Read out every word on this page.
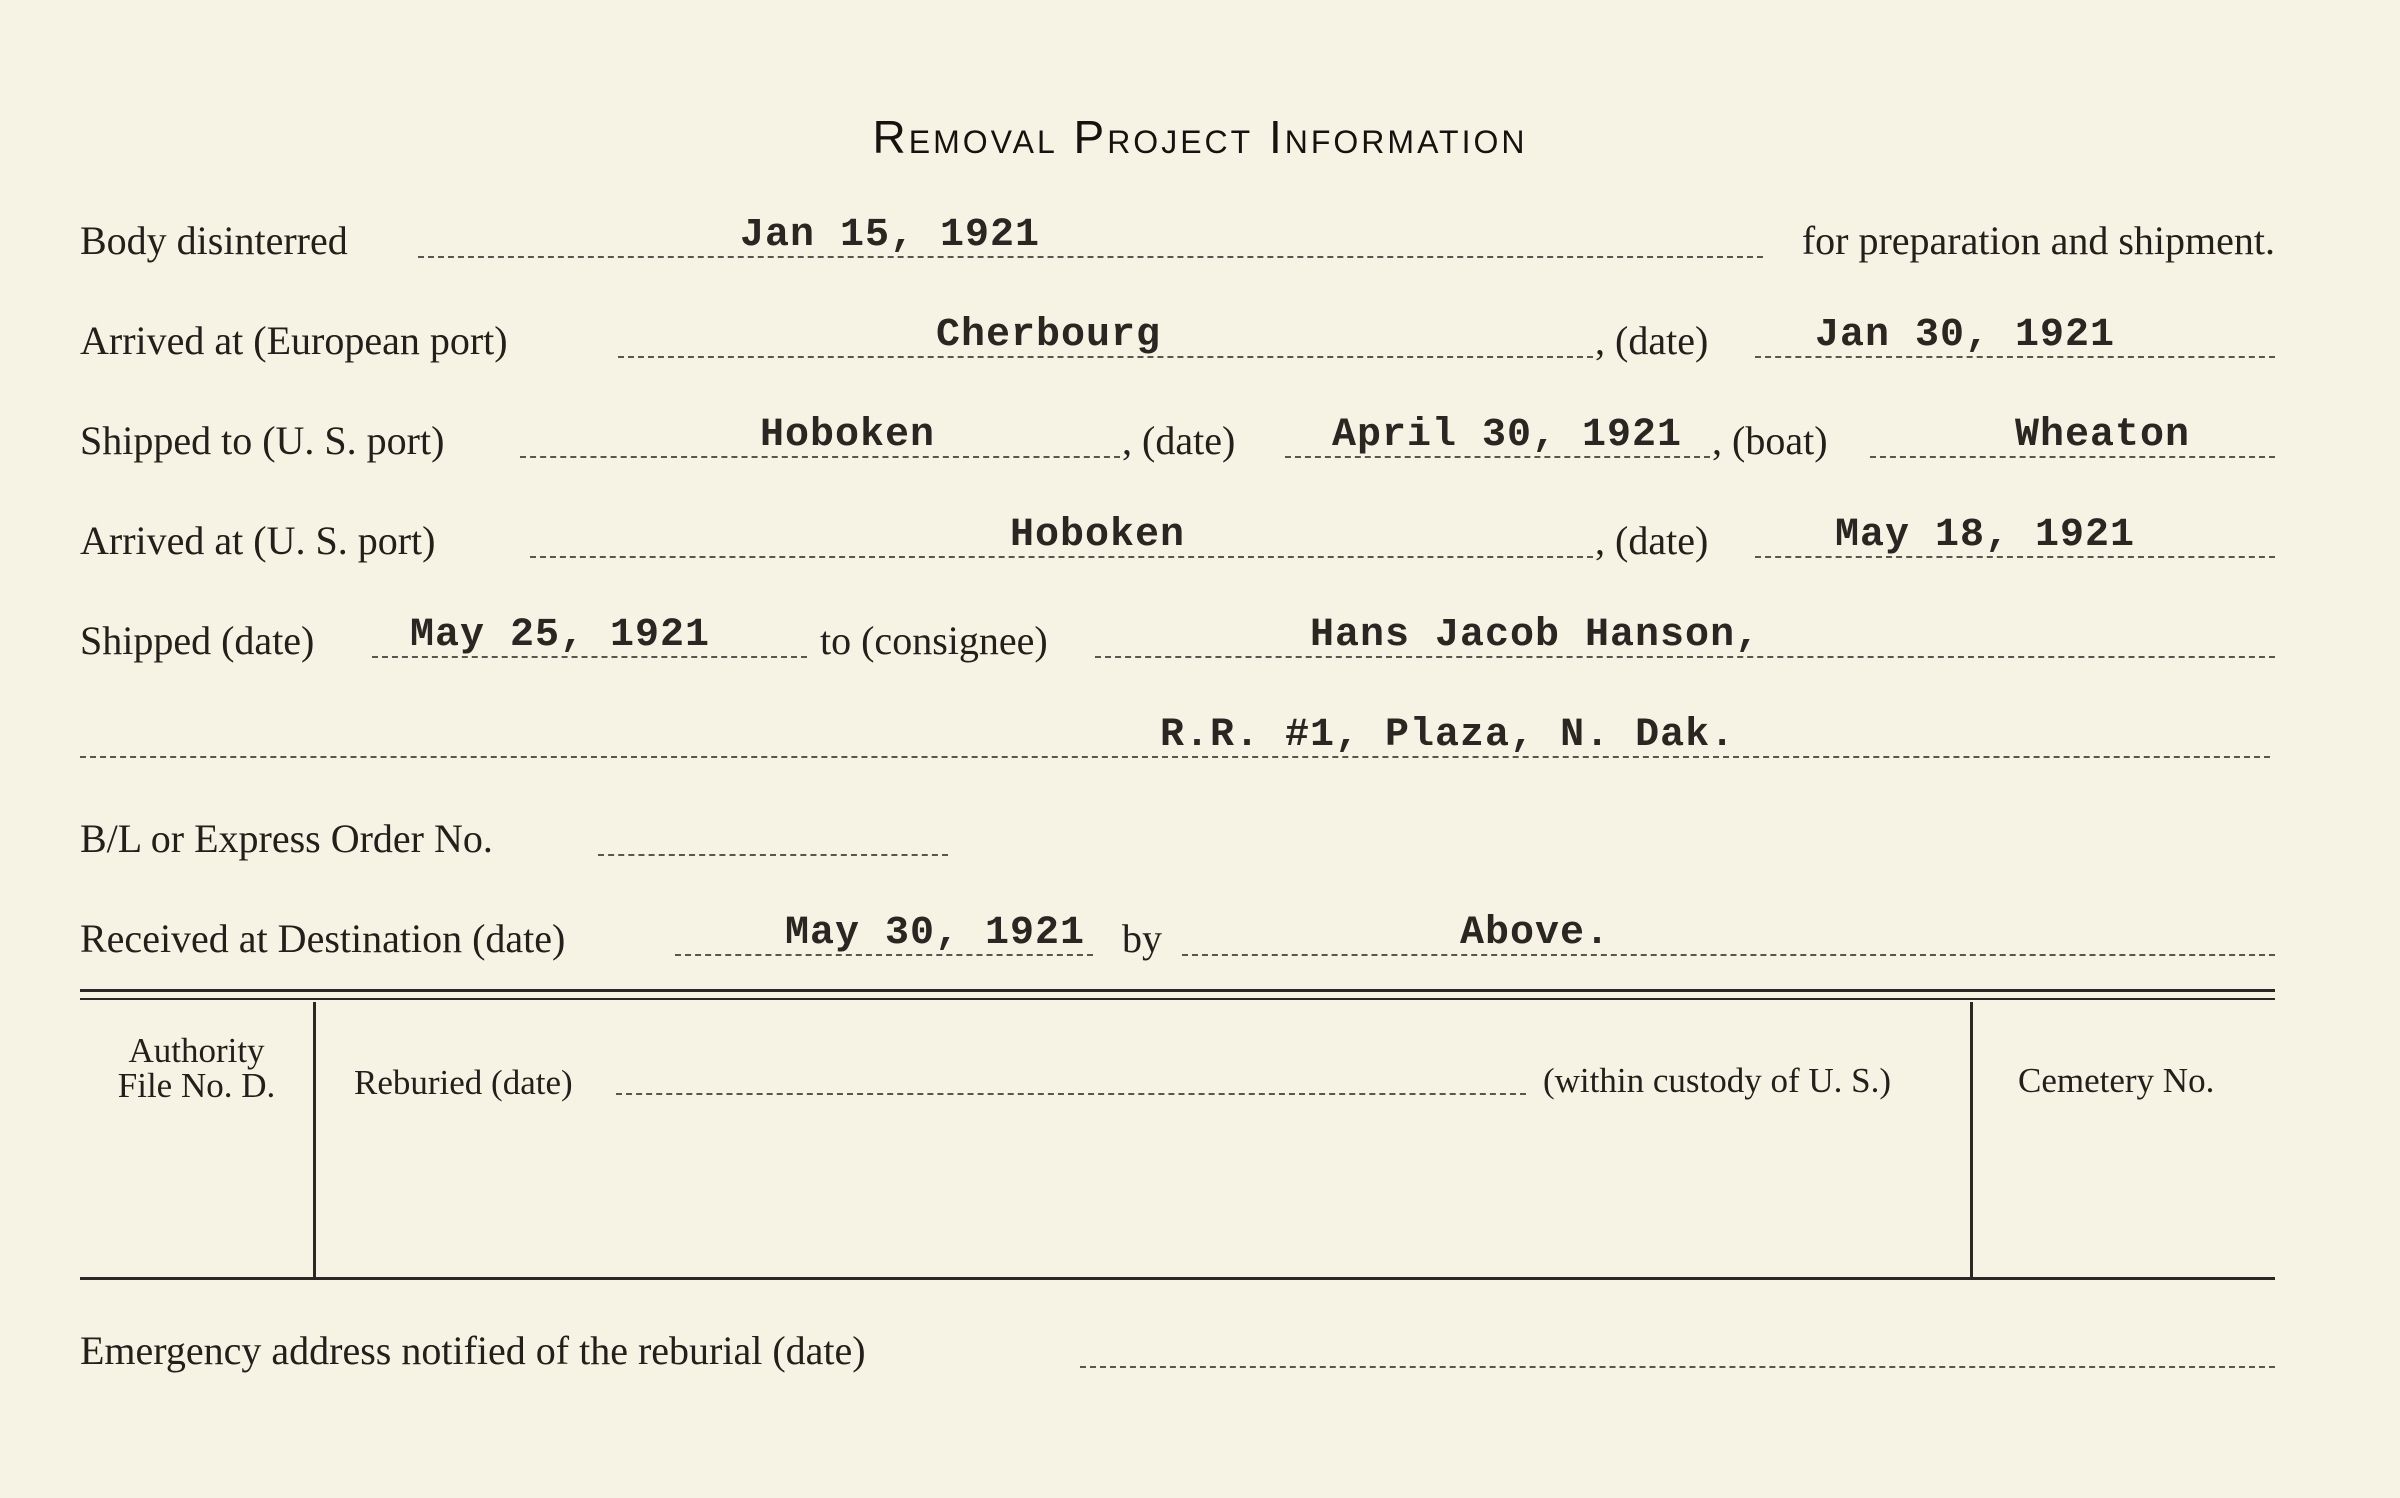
Removal Project Information
Body disinterred	Jan 15, 1921	for preparation and shipment.
Arrived at (European port)	Cherbourg	, (date)	Jan 30, 1921
Shipped to (U. S. port)	Hoboken	, (date) April 30, 1921 , (boat)	Wheaton
Arrived at (U. S. port)	Hoboken	, (date)	May 18, 1921
Shipped (date) May 25, 1921	to (consignee)	Hans Jacob Hanson,
R.R. #1, Plaza, N. Dak.
B/L or Express Order No.
Received at Destination (date)	May 30, 1921 by	Above.
Authority
File No. D.	Reburied (date)	(within custody of U. S.)	Cemetery No.
Emergency address notified of the reburial (date)
